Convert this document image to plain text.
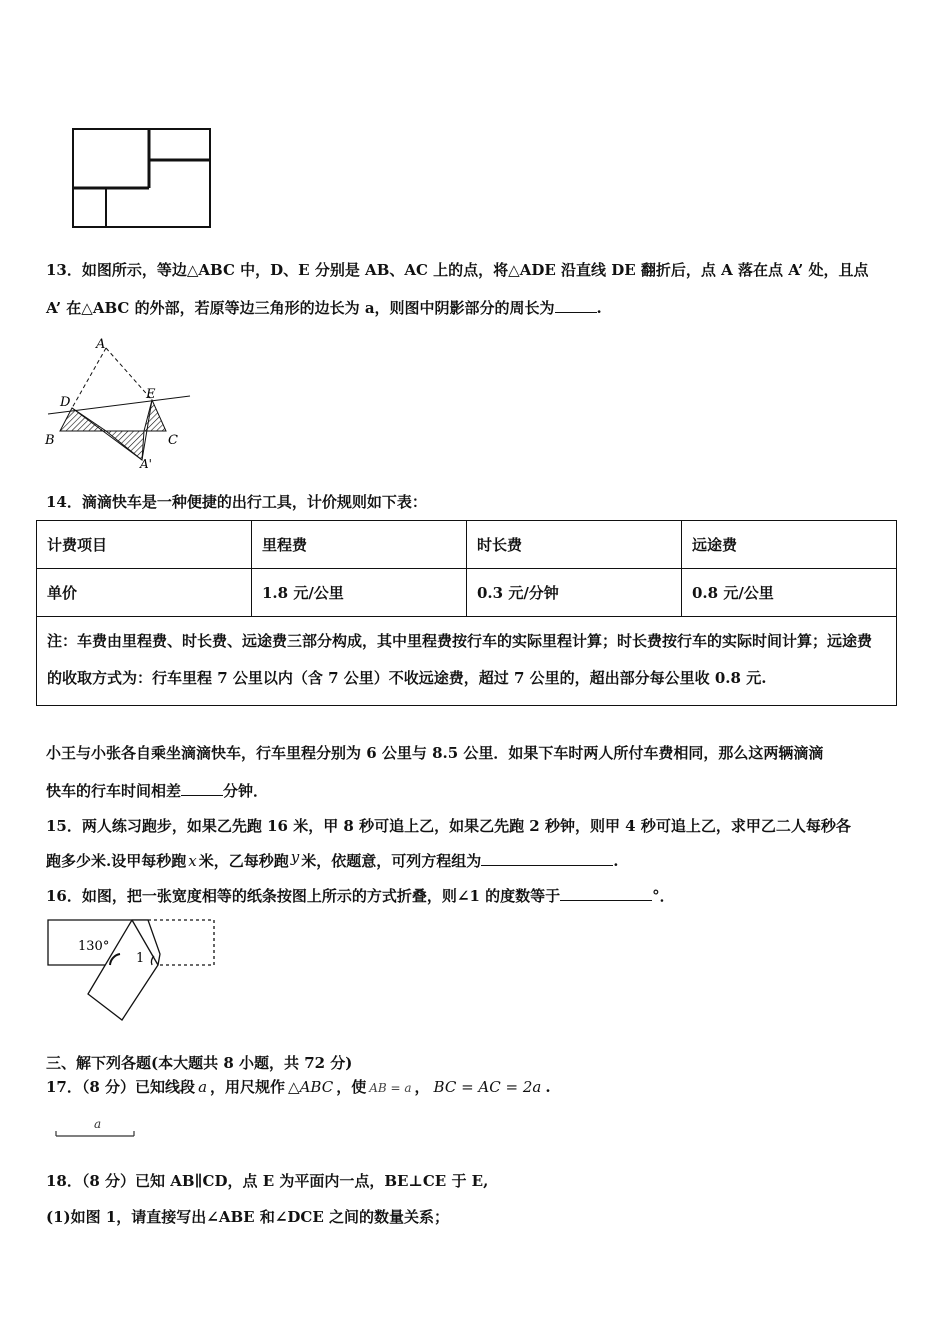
13．如图所示，等边△ABC 中，D、E 分别是 AB、AC 上的点，将△ADE 沿直线 DE 翻折后，点 A 落在点 A’ 处，且点
A’ 在△ABC 的外部，若原等边三角形的边长为 a，则图中阴影部分的周长为	.
A
D
E
B	C
A'
14．滴滴快车是一种便捷的出行工具，计价规则如下表：
计费项目	里程费	时长费	远途费
单价	1.8 元/公里	0.3 元/分钟	0.8 元/公里
注：车费由里程费、时长费、远途费三部分构成，其中里程费按行车的实际里程计算；时长费按行车的实际时间计算；远途费的收取方式为：行车里程 7 公里以内（含 7 公里）不收远途费，超过 7 公里的，超出部分每公里收 0.8 元.			
小王与小张各自乘坐滴滴快车，行车里程分别为 6 公里与 8.5 公里．如果下车时两人所付车费相同，那么这两辆滴滴
快车的行车时间相差	分钟．
15．两人练习跑步，如果乙先跑 16 米，甲 8 秒可追上乙，如果乙先跑 2 秒钟，则甲 4 秒可追上乙，求甲乙二人每秒各
跑多少米.设甲每秒跑 x 米，乙每秒跑 y 米，依题意，可列方程组为	.
16．如图，把一张宽度相等的纸条按图上所示的方式折叠，则∠1 的度数等于	°．
130°
1
三、解下列各题(本大题共 8 小题，共 72 分)
17．（8 分）已知线段 a ，用尺规作 △ABC ，使 AB = a ， BC = AC = 2a .
a
18．（8 分）已知 AB∥CD，点 E 为平面内一点，BE⊥CE 于 E,
(1)如图 1，请直接写出∠ABE 和∠DCE 之间的数量关系；
